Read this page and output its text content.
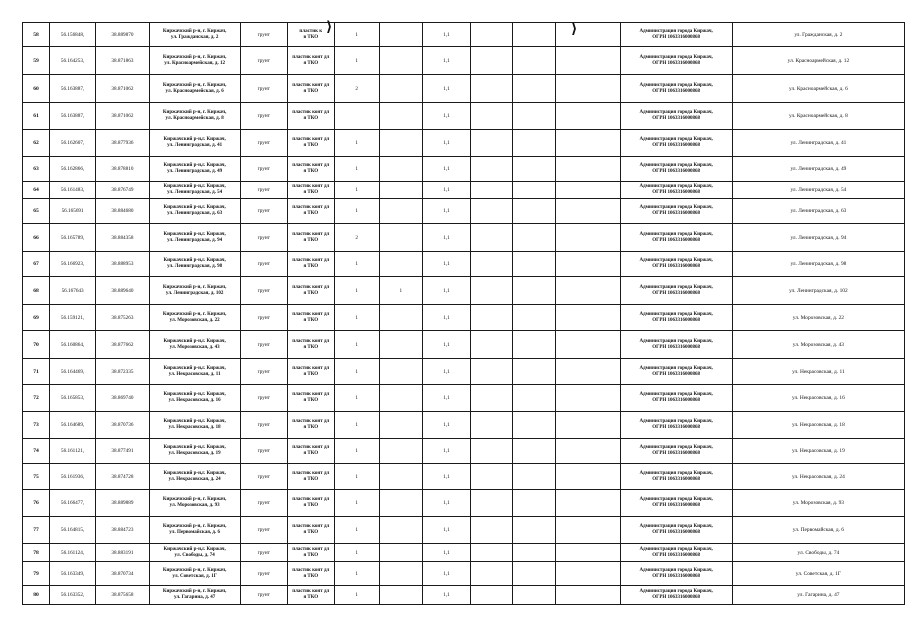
58	56.156848,	38.889870	Киржачский р-н, г. Киржач,
ул. Гражданская, д. 2	грунт	пластик к
в ТКО	1		1,1				Администрация города Киржач,
ОГРН 1063316000868	ул. Гражданская, д. 2
59	56.164253,	38.871863	Киржачский р-н, г. Киржач,
ул. Красноармейская, д. 12	грунт	пластик конт дл
я ТКО	1		1,1				Администрация города Киржач,
ОГРН 1063316000868	ул. Красноармейская, д. 12
60	56.163887,	38.871062	Киржачский р-н, г. Киржач,
ул. Красноармейская, д. 6	грунт	пластик конт дл
я ТКО	2		1,1				Администрация города Киржач,
ОГРН 1063316000868	ул. Красноармейская, д. 6
61	56.163887,	38.871062	Киржачский р-н, г. Киржач,
ул. Красноармейская, д. 8	грунт	пластик конт дл
я ТКО			1,1				Администрация города Киржач,
ОГРН 1063316000868	ул. Красноармейская, д. 8
62	56.162607,	38.877936	Киржачский р-н,г. Киржач,
ул. Ленинградская, д. 41	грунт	пластик конт дл
я ТКО	1		1,1				Администрация города Киржач,
ОГРН 1063316000868	ул. Ленинградская, д. 41
63	56.162866,	38.878810	Киржачский р-н,г. Киржач,
ул. Ленинградская, д. 49	грунт	пластик конт дл
я ТКО	1		1,1				Администрация города Киржач,
ОГРН 1063316000868	ул. Ленинградская, д. 49
64	56.161483,	38.876749	Киржачский р-н,г. Киржач,
ул. Ленинградская, д. 54	грунт	пластик конт дл
я ТКО	1		1,1				Администрация города Киржач,
ОГРН 1063316000868	ул. Ленинградская, д. 54
65	56.165691	38.884680	Киржачский р-н,г. Киржач,
ул. Ленинградская, д. 63	грунт	пластик конт дл
я ТКО	1		1,1				Администрация города Киржач,
ОГРН 1063316000868	ул. Ленинградская, д. 63
66	56.165789,	38.884358	Киржачский р-н,г. Киржач,
ул. Ленинградская, д. 94	грунт	пластик конт дл
я ТКО	2		1,1				Администрация города Киржач,
ОГРН 1063316000868	ул. Ленинградская, д. 94
67	56.166923,	38.888953	Киржачский р-н,г. Киржач,
ул. Ленинградская, д. 98	грунт	пластик конт дл
я ТКО	1		1,1				Администрация города Киржач,
ОГРН 1063316000868	ул. Ленинградская, д. 98
68	56.167643	38.889640	Киржачский р-н, г. Киржач,
ул. Ленинградская, д. 102	грунт	пластик конт дл
я ТКО	1	1	1,1				Администрация города Киржач,
ОГРН 1063316000868	ул. Ленинградская, д. 102
69	56.159121,	38.875263	Киржачский р-н, г. Киржач,
ул. Морозовская, д. 22	грунт	пластик конт дл
я ТКО	1		1,1				Администрация города Киржач,
ОГРН 1063316000868	ул. Морозовская, д. 22
70	56.160864,	38.877662	Киржачский р-н,г. Киржач,
ул. Морозовская, д. 43	грунт	пластик конт дл
я ТКО	1		1,1				Администрация города Киржач,
ОГРН 1063316000868	ул. Морозовская, д. 43
71	56.164469,	38.872335	Киржачский р-н,г. Киржач,
ул. Некрасовская, д. 11	грунт	пластик конт дл
я ТКО	1		1,1				Администрация города Киржач,
ОГРН 1063316000868	ул. Некрасовская, д. 11
72	56.165853,	38.869740	Киржачский р-н,г. Киржач,
ул. Некрасовская, д. 16	грунт	пластик конт дл
я ТКО	1		1,1				Администрация города Киржач,
ОГРН 1063316000868	ул. Некрасовская, д. 16
73	56.164689,	38.870736	Киржачский р-н,г. Киржач,
ул. Некрасовская, д. 18	грунт	пластик конт дл
я ТКО	1		1,1				Администрация города Киржач,
ОГРН 1063316000868	ул. Некрасовская, д. 18
74	56.161121,	38.877491	Киржачский р-н,г. Киржач,
ул. Некрасовская, д. 19	грунт	пластик конт дл
я ТКО	1		1,1				Администрация города Киржач,
ОГРН 1063316000868	ул. Некрасовская, д. 19
75	56.161936,	38.874728	Киржачский р-н,г. Киржач,
ул. Некрасовская, д. 24	грунт	пластик конт дл
я ТКО	1		1,1				Администрация города Киржач,
ОГРН 1063316000868	ул. Некрасовская, д. 24
76	56.166477,	38.889889	Киржачский р-н, г. Киржач,
ул. Морозовская, д. 93	грунт	пластик конт дл
я ТКО	1		1,1				Администрация города Киржач,
ОГРН 1063316000868	ул. Морозовская, д. 93
77	56.164815,	38.884723	Киржачский р-н, г. Киржач,
ул. Первомайская, д. 6	грунт	пластик конт дл
я ТКО	1		1,1				Администрация города Киржач,
ОГРН 1063316000868	ул. Первомайская, д. 6
78	56.161124,	38.883191	Киржачский р-н,г. Киржач,
ул. Свободы, д. 74	грунт	пластик конт дл
я ТКО	1		1,1				Администрация города Киржач,
ОГРН 1063316000868	ул. Свободы, д. 74
79	56.163349,	38.870734	Киржачский р-н, г. Киржач,
ул. Советская, д. 1Г	грунт	пластик конт дл
я ТКО	1		1,1				Администрация города Киржач,
ОГРН 1063316000868	ул. Советская, д. 1Г
80	56.163352,	38.875658	Киржачский р-н, г. Киржач,
ул. Гагарина, д. 47	грунт	пластик конт дл
я ТКО	1		1,1				Администрация города Киржач,
ОГРН 1063316000868	ул. Гагарина, д. 47
⟩	⟩
